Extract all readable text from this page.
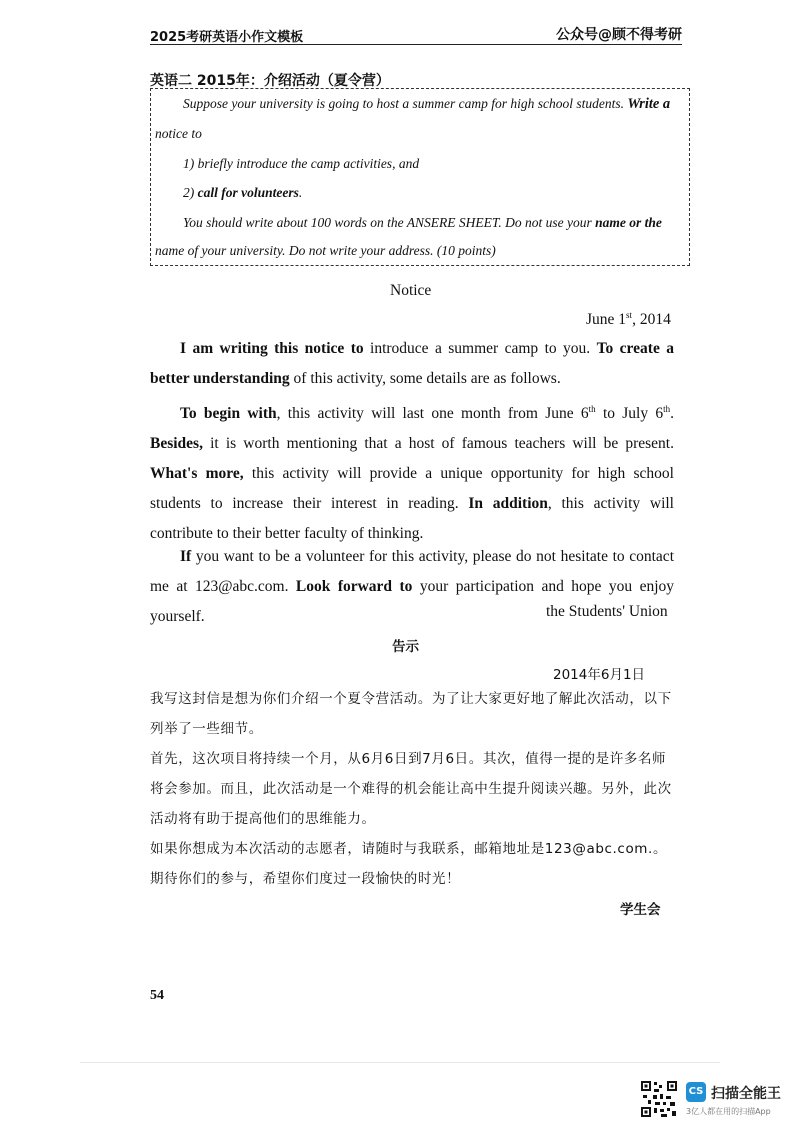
2025考研英语小作文模板	公众号@顾不得考研
英语二 2015年：介绍活动（夏令营）
Suppose your university is going to host a summer camp for high school students. Write a
notice to
1) briefly introduce the camp activities, and
2) call for volunteers.
You should write about 100 words on the ANSERE SHEET. Do not use your name or the
name of your university. Do not write your address. (10 points)
Notice
June 1st, 2014

I am writing this notice to introduce a summer camp to you. To create a better understanding of this activity, some details are as follows.

To begin with, this activity will last one month from June 6th to July 6th. Besides, it is worth mentioning that a host of famous teachers will be present. What's more, this activity will provide a unique opportunity for high school students to increase their interest in reading. In addition, this activity will contribute to their better faculty of thinking.

If you want to be a volunteer for this activity, please do not hesitate to contact me at 123@abc.com. Look forward to your participation and hope you enjoy yourself.	the Students' Union
告示
2014年6月1日
我写这封信是想为你们介绍一个夏令营活动。为了让大家更好地了解此次活动，以下列举了一些细节。
首先，这次项目将持续一个月，从6月6日到7月6日。其次，值得一提的是许多名师将会参加。而且，此次活动是一个难得的机会能让高中生提升阅读兴趣。另外，此次活动将有助于提高他们的思维能力。
如果你想成为本次活动的志愿者，请随时与我联系，邮箱地址是123@abc.com.。期待你们的参与，希望你们度过一段愉快的时光！
学生会
54
CS 扫描全能王
3亿人都在用的扫描App
